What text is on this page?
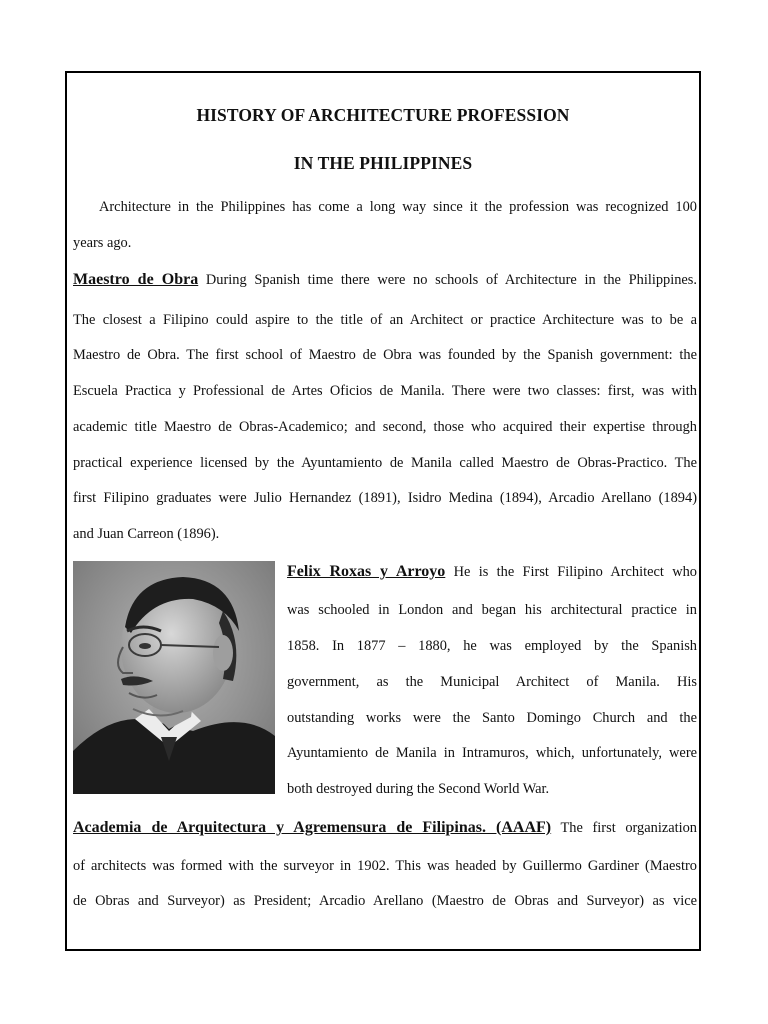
HISTORY OF ARCHITECTURE PROFESSION
IN THE PHILIPPINES
Architecture in the Philippines has come a long way since it the profession was recognized 100
years ago.
Maestro de Obra During Spanish time there were no schools of Architecture in the Philippines.
The closest a Filipino could aspire to the title of an Architect or practice Architecture was to be a
Maestro de Obra. The first school of Maestro de Obra was founded by the Spanish government: the
Escuela Practica y Professional de Artes Oficios de Manila. There were two classes: first, was with
academic title Maestro de Obras-Academico; and second, those who acquired their expertise through
practical experience licensed by the Ayuntamiento de Manila called Maestro de Obras-Practico. The
first Filipino graduates were Julio Hernandez (1891), Isidro Medina (1894), Arcadio Arellano (1894)
and Juan Carreon (1896).
Felix Roxas y Arroyo He is the First Filipino Architect who
was schooled in London and began his architectural practice in
1858. In 1877 – 1880, he was employed by the Spanish
government, as the Municipal Architect of Manila. His
outstanding works were the Santo Domingo Church and the
Ayuntamiento de Manila in Intramuros, which, unfortunately, were
both destroyed during the Second World War.
Academia de Arquitectura y Agremensura de Filipinas. (AAAF) The first organization
of architects was formed with the surveyor in 1902. This was headed by Guillermo Gardiner (Maestro
de Obras and Surveyor) as President; Arcadio Arellano (Maestro de Obras and Surveyor) as vice
